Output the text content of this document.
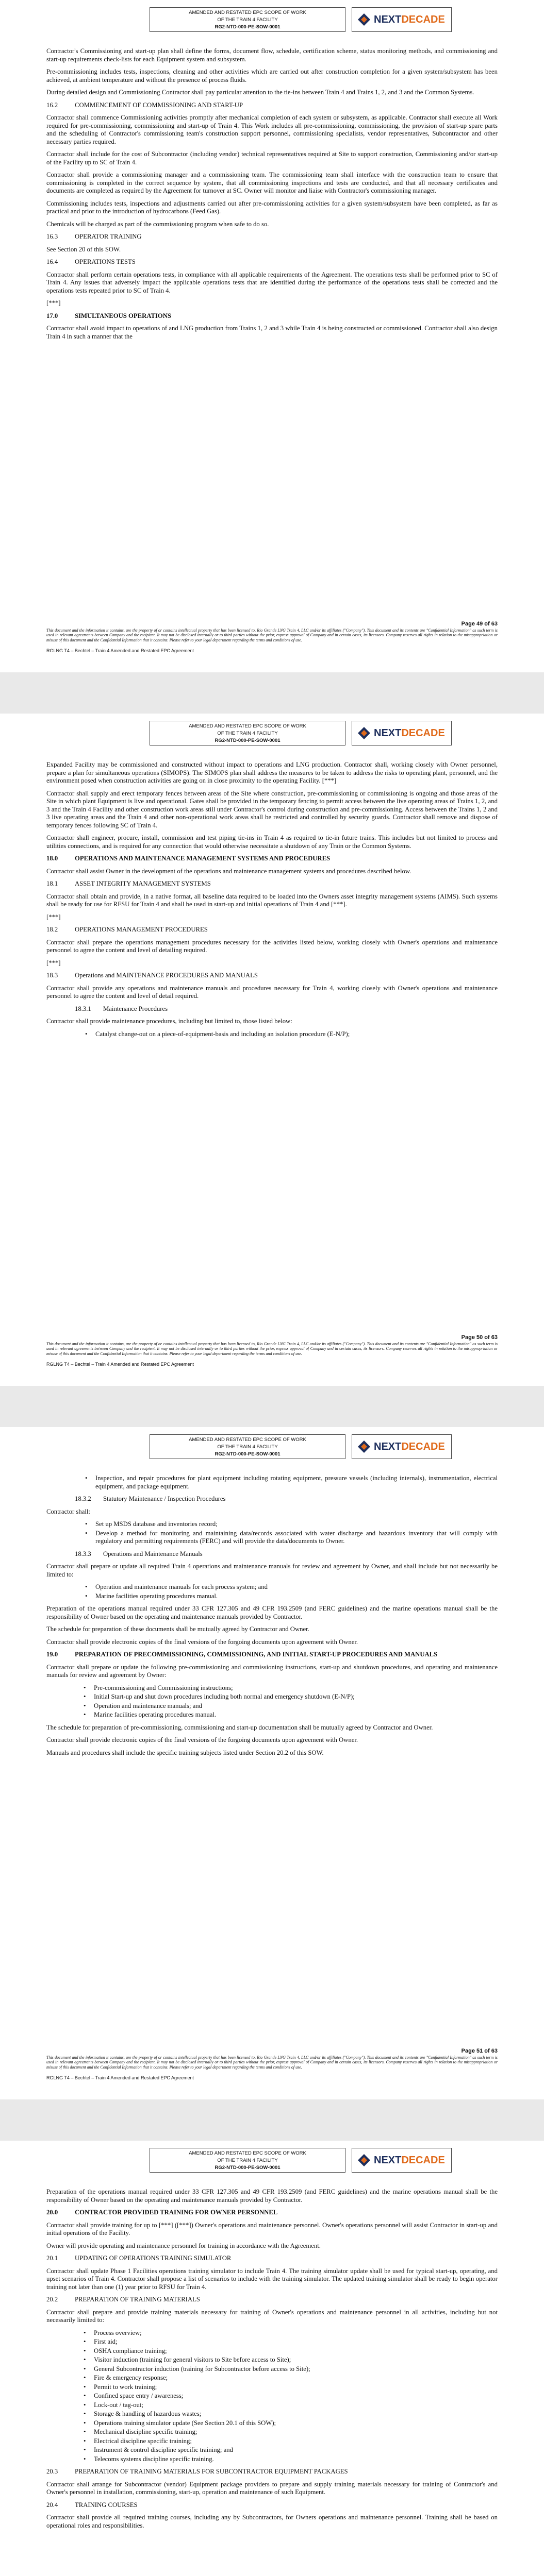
AMENDED AND RESTATED EPC SCOPE OF WORK
OF THE TRAIN 4 FACILITY
RG2-NTD-000-PE-SOW-0001
NEXT DECADE

Contractor's Commissioning and start-up plan shall define the forms, document flow, schedule, certification scheme, status monitoring methods, and commissioning and start-up requirements check-lists for each Equipment system and subsystem.

Pre-commissioning includes tests, inspections, cleaning and other activities which are carried out after construction completion for a given system/subsystem has been achieved, at ambient temperature and without the presence of process fluids.

During detailed design and Commissioning Contractor shall pay particular attention to the tie-ins between Train 4 and Trains 1, 2, and 3 and the Common Systems.

16.2	COMMENCEMENT OF COMMISSIONING AND START-UP

Contractor shall commence Commissioning activities promptly after mechanical completion of each system or subsystem, as applicable. Contractor shall execute all Work required for pre-commissioning, commissioning and start-up of Train 4. This Work includes all pre-commissioning, commissioning, the provision of start-up spare parts and the scheduling of Contractor's commissioning team's construction support personnel, commissioning specialists, vendor representatives, Subcontractor and other necessary parties required.

Contractor shall include for the cost of Subcontractor (including vendor) technical representatives required at Site to support construction, Commissioning and/or start-up of the Facility up to SC of Train 4.

Contractor shall provide a commissioning manager and a commissioning team. The commissioning team shall interface with the construction team to ensure that commissioning is completed in the correct sequence by system, that all commissioning inspections and tests are conducted, and that all necessary certificates and documents are completed as required by the Agreement for turnover at SC. Owner will monitor and liaise with Contractor's commissioning manager.

Commissioning includes tests, inspections and adjustments carried out after pre-commissioning activities for a given system/subsystem have been completed, as far as practical and prior to the introduction of hydrocarbons (Feed Gas).

Chemicals will be charged as part of the commissioning program when safe to do so.

16.3	OPERATOR TRAINING

See Section 20 of this SOW.

16.4	OPERATIONS TESTS

Contractor shall perform certain operations tests, in compliance with all applicable requirements of the Agreement. The operations tests shall be performed prior to SC of Train 4. Any issues that adversely impact the applicable operations tests that are identified during the performance of the operations tests shall be corrected and the operations tests repeated prior to SC of Train 4.

[***]

17.0	SIMULTANEOUS OPERATIONS

Contractor shall avoid impact to operations of and LNG production from Trains 1, 2 and 3 while Train 4 is being constructed or commissioned. Contractor shall also design Train 4 in such a manner that the

Page 49 of 63
This document and the information it contains, are the property of or contains intellectual property that has been licensed to, Rio Grande LNG Train 4, LLC and/or its affiliates ("Company"). This document and its contents are "Confidential Information" as such term is used in relevant agreements between Company and the recipient. It may not be disclosed internally or to third parties without the prior, express approval of Company and in certain cases, its licensors. Company reserves all rights in relation to the misappropriation or misuse of this document and the Confidential Information that it contains. Please refer to your legal department regarding the terms and conditions of use.
RGLNG T4 – Bechtel – Train 4 Amended and Restated EPC Agreement
AMENDED AND RESTATED EPC SCOPE OF WORK
OF THE TRAIN 4 FACILITY
RG2-NTD-000-PE-SOW-0001
NEXT DECADE

Expanded Facility may be commissioned and constructed without impact to operations and LNG production. Contractor shall, working closely with Owner personnel, prepare a plan for simultaneous operations (SIMOPS). The SIMOPS plan shall address the measures to be taken to address the risks to operating plant, personnel, and the environment posed when construction activities are going on in close proximity to the operating Facility. [***]

Contractor shall supply and erect temporary fences between areas of the Site where construction, pre-commissioning or commissioning is ongoing and those areas of the Site in which plant Equipment is live and operational. Gates shall be provided in the temporary fencing to permit access between the live operating areas of Trains 1, 2, and 3 and the Train 4 Facility and other construction work areas still under Contractor's control during construction and pre-commissioning. Access between the Trains 1, 2 and 3 live operating areas and the Train 4 and other non-operational work areas shall be restricted and controlled by security guards. Contractor shall remove and dispose of temporary fences following SC of Train 4.

Contractor shall engineer, procure, install, commission and test piping tie-ins in Train 4 as required to tie-in future trains. This includes but not limited to process and utilities connections, and is required for any connection that would otherwise necessitate a shutdown of any Train or the Common Systems.

18.0	OPERATIONS AND MAINTENANCE MANAGEMENT SYSTEMS AND PROCEDURES

Contractor shall assist Owner in the development of the operations and maintenance management systems and procedures described below.

18.1	ASSET INTEGRITY MANAGEMENT SYSTEMS

Contractor shall obtain and provide, in a native format, all baseline data required to be loaded into the Owners asset integrity management systems (AIMS). Such systems shall be ready for use for RFSU for Train 4 and shall be used in start-up and initial operations of Train 4 and [***].

[***]

18.2	OPERATIONS MANAGEMENT PROCEDURES

Contractor shall prepare the operations management procedures necessary for the activities listed below, working closely with Owner's operations and maintenance personnel to agree the content and level of detailing required.

[***]

18.3	Operations and MAINTENANCE PROCEDURES AND MANUALS

Contractor shall provide any operations and maintenance manuals and procedures necessary for Train 4, working closely with Owner's operations and maintenance personnel to agree the content and level of detail required.

18.3.1	Maintenance Procedures

Contractor shall provide maintenance procedures, including but limited to, those listed below:

• Catalyst change-out on a piece-of-equipment-basis and including an isolation procedure (E-N/P);
Page 50 of 63
This document and the information it contains, are the property of or contains intellectual property that has been licensed to, Rio Grande LNG Train 4, LLC and/or its affiliates ("Company"). This document and its contents are "Confidential Information" as such term is used in relevant agreements between Company and the recipient. It may not be disclosed internally or to third parties without the prior, express approval of Company and in certain cases, its licensors. Company reserves all rights in relation to the misappropriation or misuse of this document and the Confidential Information that it contains. Please refer to your legal department regarding the terms and conditions of use.
RGLNG T4 – Bechtel – Train 4 Amended and Restated EPC Agreement
AMENDED AND RESTATED EPC SCOPE OF WORK
OF THE TRAIN 4 FACILITY
RG2-NTD-000-PE-SOW-0001
NEXT DECADE
• Inspection, and repair procedures for plant equipment including rotating equipment, pressure vessels (including internals), instrumentation, electrical equipment, and package equipment.
18.3.2	Statutory Maintenance / Inspection Procedures

Contractor shall:

• Set up MSDS database and inventories record;
• Develop a method for monitoring and maintaining data/records associated with water discharge and hazardous inventory that will comply with regulatory and permitting requirements (FERC) and will provide the data/documents to Owner.
18.3.3	Operations and Maintenance Manuals

Contractor shall prepare or update all required Train 4 operations and maintenance manuals for review and agreement by Owner, and shall include but not necessarily be limited to:

• Operation and maintenance manuals for each process system; and
• Marine facilities operating procedures manual.

Preparation of the operations manual required under 33 CFR 127.305 and 49 CFR 193.2509 (and FERC guidelines) and the marine operations manual shall be the responsibility of Owner based on the operating and maintenance manuals provided by Contractor.

The schedule for preparation of these documents shall be mutually agreed by Contractor and Owner.

Contractor shall provide electronic copies of the final versions of the forgoing documents upon agreement with Owner.

19.0	PREPARATION OF PRECOMMISSIONING, COMMISSIONING, AND INITIAL START-UP PROCEDURES AND MANUALS

Contractor shall prepare or update the following pre-commissioning and commissioning instructions, start-up and shutdown procedures, and operating and maintenance manuals for review and agreement by Owner:

• Pre-commissioning and Commissioning instructions;
• Initial Start-up and shut down procedures including both normal and emergency shutdown (E-N/P);
• Operation and maintenance manuals; and
• Marine facilities operating procedures manual.

The schedule for preparation of pre-commissioning, commissioning and start-up documentation shall be mutually agreed by Contractor and Owner.

Contractor shall provide electronic copies of the final versions of the forgoing documents upon agreement with Owner.

Manuals and procedures shall include the specific training subjects listed under Section 20.2 of this SOW.

Page 51 of 63
This document and the information it contains, are the property of or contains intellectual property that has been licensed to, Rio Grande LNG Train 4, LLC and/or its affiliates ("Company"). This document and its contents are "Confidential Information" as such term is used in relevant agreements between Company and the recipient. It may not be disclosed internally or to third parties without the prior, express approval of Company and in certain cases, its licensors. Company reserves all rights in relation to the misappropriation or misuse of this document and the Confidential Information that it contains. Please refer to your legal department regarding the terms and conditions of use.
RGLNG T4 – Bechtel – Train 4 Amended and Restated EPC Agreement
AMENDED AND RESTATED EPC SCOPE OF WORK
OF THE TRAIN 4 FACILITY
RG2-NTD-000-PE-SOW-0001
NEXT DECADE

Preparation of the operations manual required under 33 CFR 127.305 and 49 CFR 193.2509 (and FERC guidelines) and the marine operations manual shall be the responsibility of Owner based on the operating and maintenance manuals provided by Contractor.

20.0	CONTRACTOR PROVIDED TRAINING FOR OWNER PERSONNEL

Contractor shall provide training for up to [***] ([***]) Owner's operations and maintenance personnel. Owner's operations personnel will assist Contractor in start-up and initial operations of the Facility.

Owner will provide operating and maintenance personnel for training in accordance with the Agreement.

20.1	UPDATING OF OPERATIONS TRAINING SIMULATOR

Contractor shall update Phase 1 Facilities operations training simulator to include Train 4. The training simulator update shall be used for typical start-up, operating, and upset scenarios of Train 4. Contractor shall propose a list of scenarios to include with the training simulator. The updated training simulator shall be ready to begin operator training not later than one (1) year prior to RFSU for Train 4.

20.2	PREPARATION OF TRAINING MATERIALS

Contractor shall prepare and provide training materials necessary for training of Owner's operations and maintenance personnel in all activities, including but not necessarily limited to:

• Process overview;
• First aid;
• OSHA compliance training;
• Visitor induction (training for general visitors to Site before access to Site);
• General Subcontractor induction (training for Subcontractor before access to Site);
• Fire & emergency response;
• Permit to work training;
• Confined space entry / awareness;
• Lock-out / tag-out;
• Storage & handling of hazardous wastes;
• Operations training simulator update (See Section 20.1 of this SOW);
• Mechanical discipline specific training;
• Electrical discipline specific training;
• Instrument & control discipline specific training; and
• Telecoms systems discipline specific training.
20.3	PREPARATION OF TRAINING MATERIALS FOR SUBCONTRACTOR EQUIPMENT PACKAGES

Contractor shall arrange for Subcontractor (vendor) Equipment package providers to prepare and supply training materials necessary for training of Contractor's and Owner's personnel in installation, commissioning, start-up, operation and maintenance of such Equipment.

20.4	TRAINING COURSES

Contractor shall provide all required training courses, including any by Subcontractors, for Owners operations and maintenance personnel. Training shall be based on operational roles and responsibilities.
